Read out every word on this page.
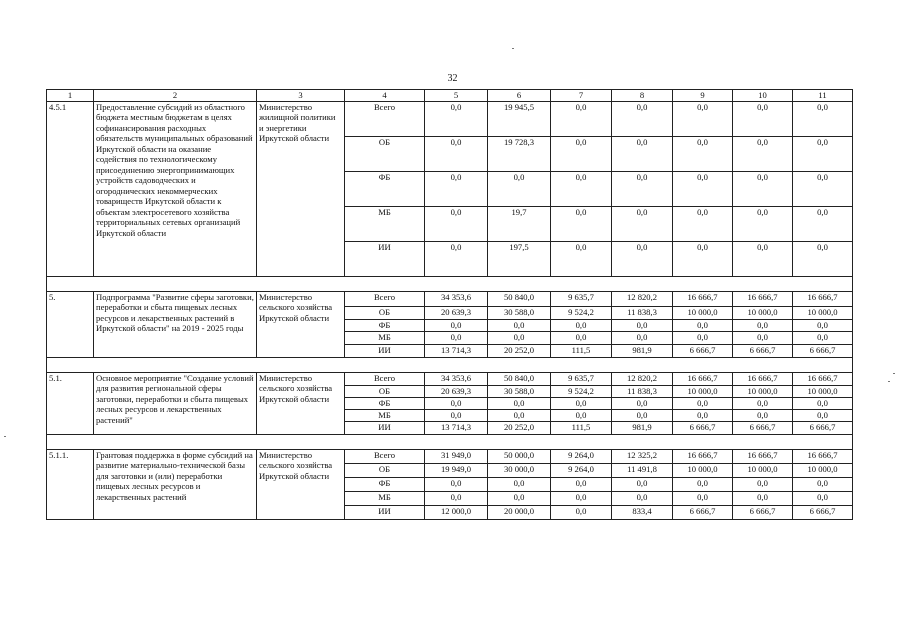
32
1	2	3	4	5	6	7	8	9	10	11
4.5.1	Предоставление субсидий из областного бюджета местным бюджетам в целях софинансирования расходных обязательств муниципальных образований Иркутской области на оказание содействия по технологическому присоединению энергопринимающих устройств садоводческих и огороднических некоммерческих товариществ Иркутской области к объектам электросетевого хозяйства территориальных сетевых организаций Иркутской области	Министерство жилищной политики и энергетики Иркутской области	Всего	0,0	19 945,5	0,0	0,0	0,0	0,0	0,0
			ОБ	0,0	19 728,3	0,0	0,0	0,0	0,0	0,0
			ФБ	0,0	0,0	0,0	0,0	0,0	0,0	0,0
			МБ	0,0	19,7	0,0	0,0	0,0	0,0	0,0
			ИИ	0,0	197,5	0,0	0,0	0,0	0,0	0,0

5.	Подпрограмма "Развитие сферы заготовки, переработки и сбыта пищевых лесных ресурсов и лекарственных растений в Иркутской области" на 2019 - 2025 годы	Министерство сельского хозяйства Иркутской области	Всего	34 353,6	50 840,0	9 635,7	12 820,2	16 666,7	16 666,7	16 666,7
			ОБ	20 639,3	30 588,0	9 524,2	11 838,3	10 000,0	10 000,0	10 000,0
			ФБ	0,0	0,0	0,0	0,0	0,0	0,0	0,0
			МБ	0,0	0,0	0,0	0,0	0,0	0,0	0,0
			ИИ	13 714,3	20 252,0	111,5	981,9	6 666,7	6 666,7	6 666,7

5.1.	Основное мероприятие "Создание условий для развития региональной сферы заготовки, переработки и сбыта пищевых лесных ресурсов и лекарственных растений"	Министерство сельского хозяйства Иркутской области	Всего	34 353,6	50 840,0	9 635,7	12 820,2	16 666,7	16 666,7	16 666,7
			ОБ	20 639,3	30 588,0	9 524,2	11 838,3	10 000,0	10 000,0	10 000,0
			ФБ	0,0	0,0	0,0	0,0	0,0	0,0	0,0
			МБ	0,0	0,0	0,0	0,0	0,0	0,0	0,0
			ИИ	13 714,3	20 252,0	111,5	981,9	6 666,7	6 666,7	6 666,7

5.1.1.	Грантовая поддержка в форме субсидий на развитие материально-технической базы для заготовки и (или) переработки пищевых лесных ресурсов и лекарственных растений	Министерство сельского хозяйства Иркутской области	Всего	31 949,0	50 000,0	9 264,0	12 325,2	16 666,7	16 666,7	16 666,7
			ОБ	19 949,0	30 000,0	9 264,0	11 491,8	10 000,0	10 000,0	10 000,0
			ФБ	0,0	0,0	0,0	0,0	0,0	0,0	0,0
			МБ	0,0	0,0	0,0	0,0	0,0	0,0	0,0
			ИИ	12 000,0	20 000,0	0,0	833,4	6 666,7	6 666,7	6 666,7
